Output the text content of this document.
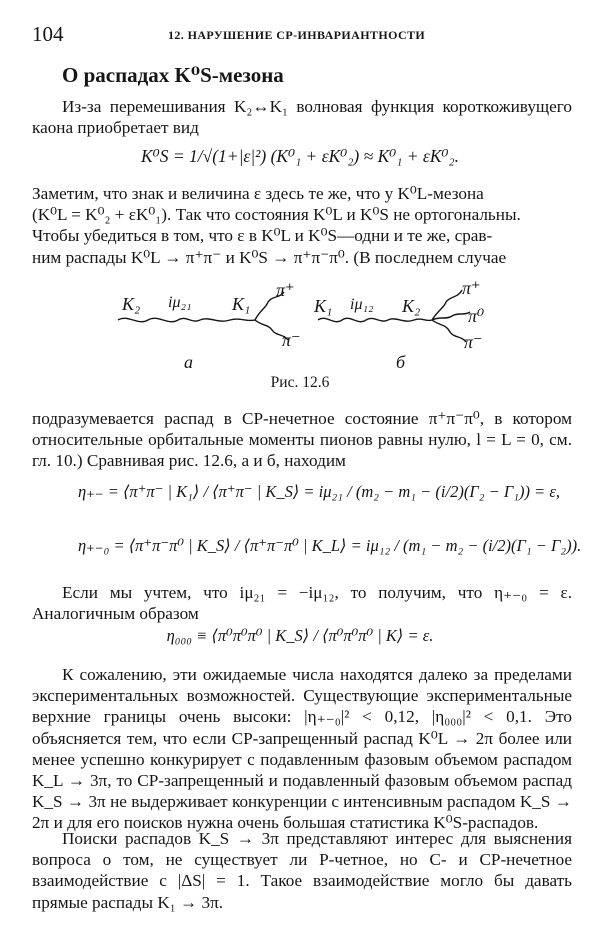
104	12. НАРУШЕНИЕ CP-ИНВАРИАНТНОСТИ
О распадах K⁰S-мезона

Из-за перемешивания K₂↔K₁ волновая функция короткоживущего каона приобретает вид

K⁰S = 1/√(1+|ε|²) (K⁰₁ + εK⁰₂) ≈ K⁰₁ + εK⁰₂.
Заметим, что знак и величина ε здесь те же, что у K⁰L-мезона
(K⁰L = K⁰₂ + εK⁰₁). Так что состояния K⁰L и K⁰S не ортогональны.
Чтобы убедиться в том, что ε в K⁰L и K⁰S—одни и те же, срав-
ним распады K⁰L → π⁺π⁻ и K⁰S → π⁺π⁻π⁰. (В последнем случае
K₂ iμ₂₁ K₁
π⁺
π⁻
а
K₁ iμ₁₂ K₂
π⁺
π⁰
π⁻
б
Рис. 12.6

подразумевается распад в CP-нечетное состояние π⁺π⁻π⁰, в котором относительные орбитальные моменты пионов равны нулю, l = L = 0, см. гл. 10.) Сравнивая рис. 12.6, а и б, находим

η₊₋ = ⟨π⁺π⁻ | K₁⟩ / ⟨π⁺π⁻ | K_S⟩ = iμ₂₁ / (m₂ − m₁ − (i/2)(Γ₂ − Γ₁)) = ε,
η₊₋₀ = ⟨π⁺π⁻π⁰ | K_S⟩ / ⟨π⁺π⁻π⁰ | K_L⟩ = iμ₁₂ / (m₁ − m₂ − (i/2)(Γ₁ − Γ₂)).

Если мы учтем, что iμ₂₁ = −iμ₁₂, то получим, что η₊₋₀ = ε. Аналогичным образом

η₀₀₀ ≡ ⟨π⁰π⁰π⁰ | K_S⟩ / ⟨π⁰π⁰π⁰ | K⟩ = ε.

К сожалению, эти ожидаемые числа находятся далеко за пределами экспериментальных возможностей. Существующие экспериментальные верхние границы очень высоки: |η₊₋₀|² < 0,12, |η₀₀₀|² < 0,1. Это объясняется тем, что если CP-запрещенный распад K⁰L → 2π более или менее успешно конкурирует с подавленным фазовым объемом распадом K_L → 3π, то CP-запрещенный и подавленный фазовым объемом распад K_S → 3π не выдерживает конкуренции с интенсивным распадом K_S → 2π и для его поисков нужна очень большая статистика K⁰S-распадов.

Поиски распадов K_S → 3π представляют интерес для выяснения вопроса о том, не существует ли P-четное, но C- и CP-нечетное взаимодействие с |ΔS| = 1. Такое взаимодействие могло бы давать прямые распады K₁ → 3π.
